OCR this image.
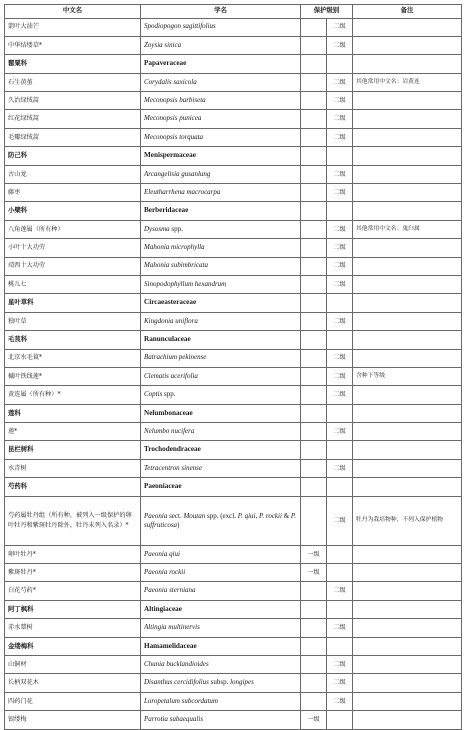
中文名	学名	保护级别		备注
箭叶大油芒	Spodiopogon sagittifolius		二级	
中华结缕草*	Zoysia sinica		二级	
罂粟科	Papaveraceae			
石生黄堇	Corydalis saxicola		二级	其他常用中文名：岩黄连
久治绿绒蒿	Meconopsis barbiseta		二级	
红花绿绒蒿	Meconopsis punicea		二级	
毛瓣绿绒蒿	Meconopsis torquata		二级	
防己科	Menispermaceae			
古山龙	Arcangelisia gusanlung		二级	
藤枣	Eleutharrhena macrocarpa		二级	
小檗科	Berberidaceae			
八角莲属（所有种）	Dysosma spp.		二级	其他常用中文名：鬼臼属
小叶十大功劳	Mahonia microphylla		二级	
靖西十大功劳	Mahonia subimbricata		二级	
桃儿七	Sinopodophyllum hexandrum		二级	
星叶草科	Circaeasteraceae			
独叶草	Kingdonia uniflora		二级	
毛茛科	Ranunculaceae			
北京水毛茛*	Batrachium pekinense		二级	
槭叶铁线莲*	Clematis acerifolia		二级	含种下等级
黄连属（所有种）*	Coptis spp.		二级	
莲科	Nelumbonaceae			
莲*	Nelumbo nucifera		二级	
昆栏树科	Trochodendraceae			
水青树	Tetracentron sinense		二级	
芍药科	Paeoniaceae			
芍药属牡丹组（所有种，被列入一级保护的卵叶牡丹和紫斑牡丹除外，牡丹未列入名录）*	Paeonia sect. Moutan spp. (excl. P. qiui, P. rockii & P. suffruticosa)		二级	牡丹为栽培物种，不列入保护植物
卵叶牡丹*	Paeonia qiui	一级		
紫斑牡丹*	Paeonia rockii	一级		
白花芍药*	Paeonia sterniana		二级	
阿丁枫科	Altingiaceae			
赤水蕈树	Altingia multinervis		二级	
金缕梅科	Hamamelidaceae			
山铜材	Chunia bucklandioides		二级	
长柄双花木	Disanthus cercidifolius subsp. longipes		二级	
四药门花	Loropetalum subcordatum		二级	
银缕梅	Parrotia subaequalis	一级		
